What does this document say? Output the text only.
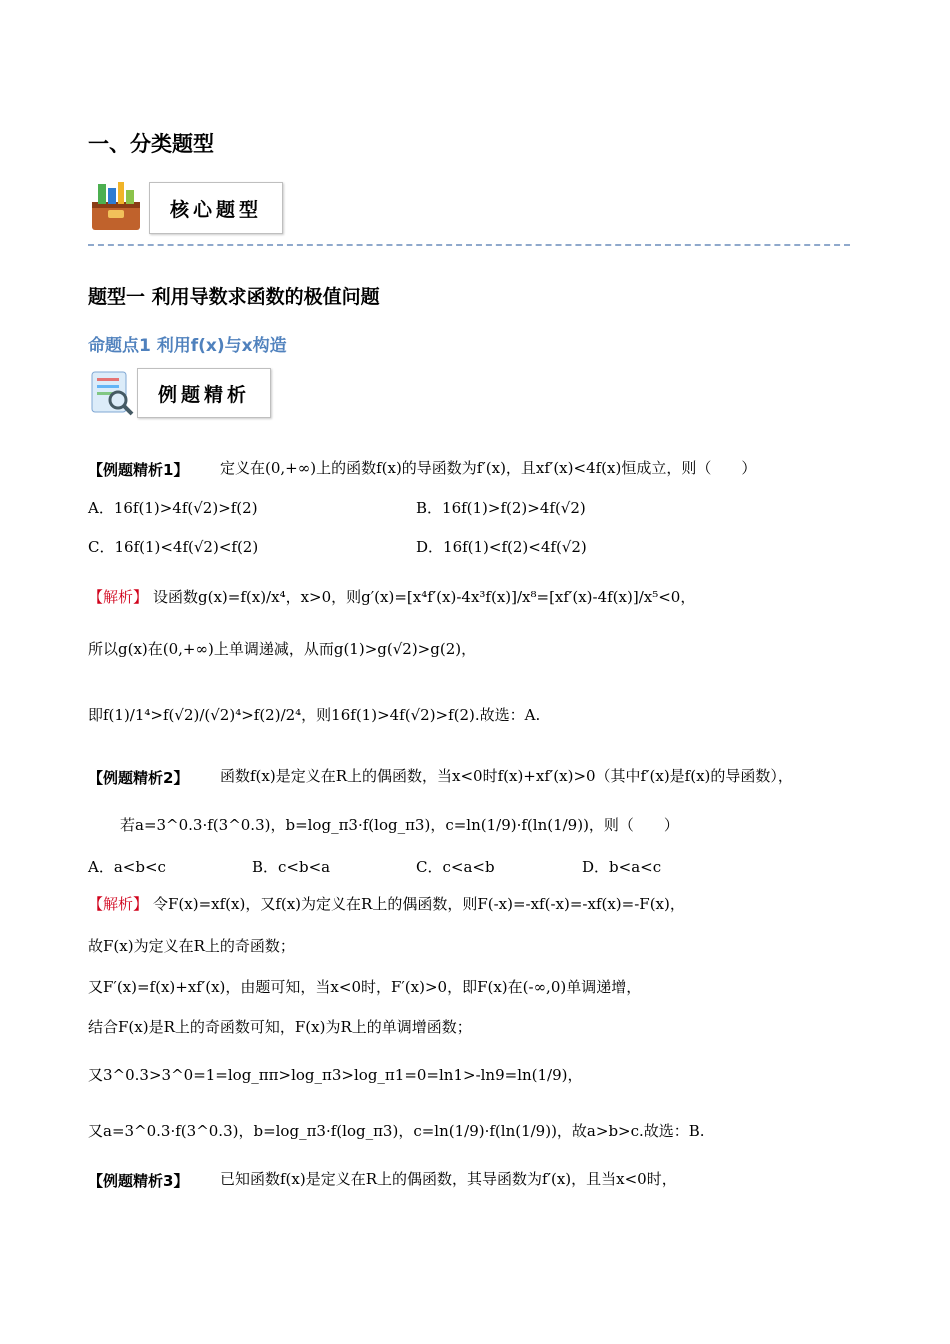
一、分类题型
核心题型
题型一 利用导数求函数的极值问题
命题点1 利用f(x)与x构造
例题精析
【例题精析1】 定义在(0,+∞)上的函数f(x)的导函数为f′(x)，且xf′(x)<4f(x)恒成立，则（　　）
A．16f(1)>4f(√2)>f(2)	B．16f(1)>f(2)>4f(√2)
C．16f(1)<4f(√2)<f(2)	D．16f(1)<f(2)<4f(√2)
【解析】 设函数g(x)=f(x)/x⁴，x>0，则g′(x)=[x⁴f′(x)-4x³f(x)]/x⁸=[xf′(x)-4f(x)]/x⁵<0，
所以g(x)在(0,+∞)上单调递减，从而g(1)>g(√2)>g(2)，
即f(1)/1⁴>f(√2)/(√2)⁴>f(2)/2⁴，则16f(1)>4f(√2)>f(2).故选：A.
【例题精析2】 函数f(x)是定义在R上的偶函数，当x<0时f(x)+xf′(x)>0（其中f′(x)是f(x)的导函数），
若a=3^0.3·f(3^0.3)，b=log_π3·f(log_π3)，c=ln(1/9)·f(ln(1/9))，则（　　）
A．a<b<c	B．c<b<a	C．c<a<b	D．b<a<c
【解析】 令F(x)=xf(x)，又f(x)为定义在R上的偶函数，则F(-x)=-xf(-x)=-xf(x)=-F(x)，
故F(x)为定义在R上的奇函数；
又F′(x)=f(x)+xf′(x)，由题可知，当x<0时，F′(x)>0，即F(x)在(-∞,0)单调递增，
结合F(x)是R上的奇函数可知，F(x)为R上的单调增函数；
又3^0.3>3^0=1=log_ππ>log_π3>log_π1=0=ln1>-ln9=ln(1/9)，
又a=3^0.3·f(3^0.3)，b=log_π3·f(log_π3)，c=ln(1/9)·f(ln(1/9))，故a>b>c.故选：B.
【例题精析3】 已知函数f(x)是定义在R上的偶函数，其导函数为f′(x)，且当x<0时，
